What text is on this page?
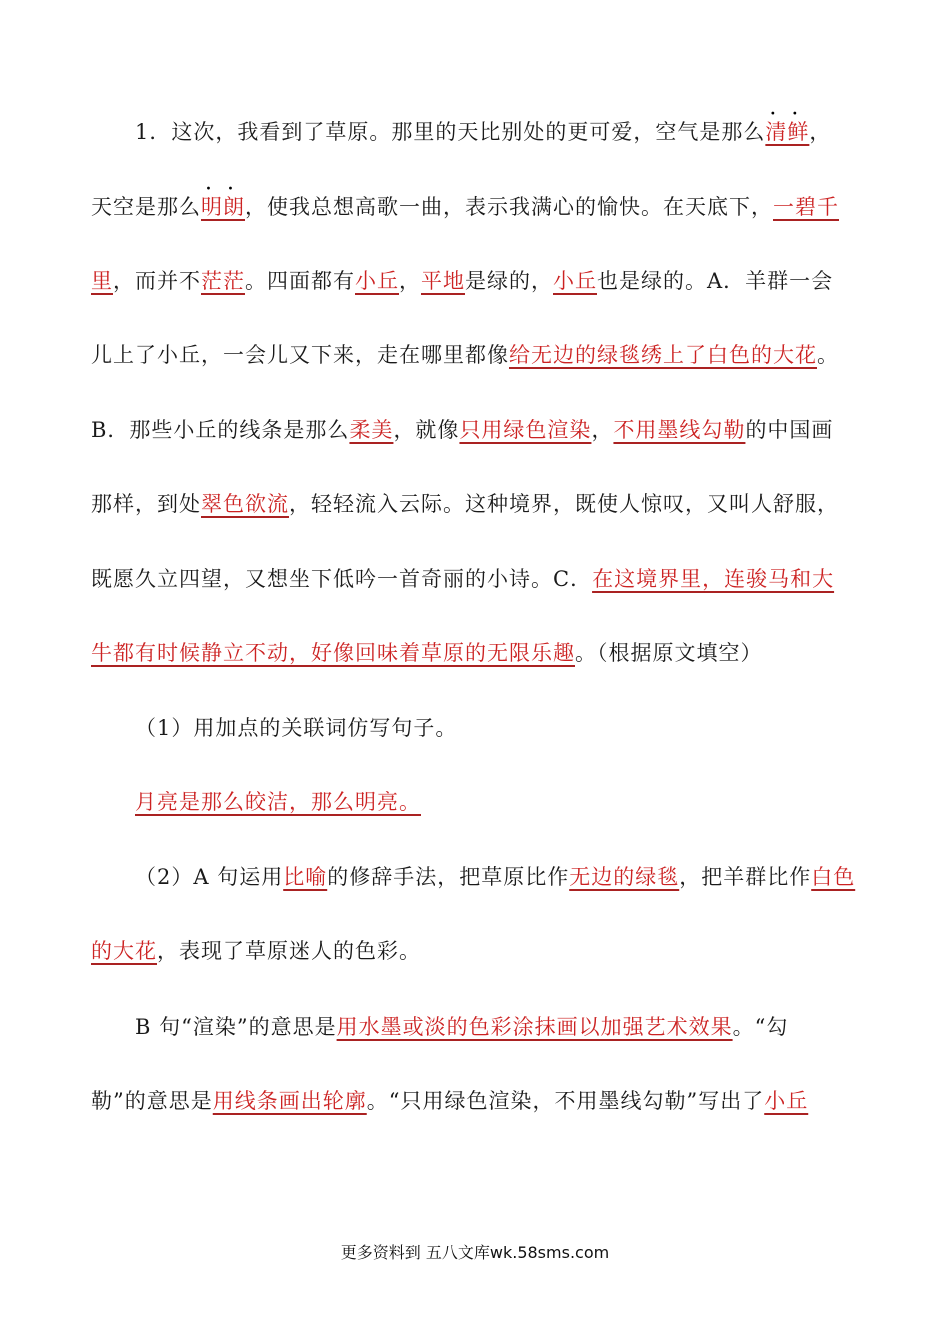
1．这次，我看到了草原。那里的天比别处的更可爱，空气是那么· · 清鲜，

天空是那么· · 明朗，使我总想高歌一曲，表示我满心的愉快。在天底下，一碧千

里，而并不茫茫。四面都有小丘，平地是绿的，小丘也是绿的。A．羊群一会

儿上了小丘，一会儿又下来，走在哪里都像给无边的绿毯绣上了白色的大花。

B．那些小丘的线条是那么柔美，就像只用绿色渲染，不用墨线勾勒的中国画

那样，到处翠色欲流，轻轻流入云际。这种境界，既使人惊叹，又叫人舒服，

既愿久立四望，又想坐下低吟一首奇丽的小诗。C．在这境界里，连骏马和大

牛都有时候静立不动，好像回味着草原的无限乐趣。（根据原文填空）

（1）用加点的关联词仿写句子。

月亮是那么皎洁，那么明亮。

（2）A 句运用比喻的修辞手法，把草原比作无边的绿毯，把羊群比作白色

的大花，表现了草原迷人的色彩。

B 句“渲染”的意思是用水墨或淡的色彩涂抹画以加强艺术效果。“勾

勒”的意思是用线条画出轮廓。“只用绿色渲染，不用墨线勾勒”写出了小丘

更多资料到 五八文库wk.58sms.com
